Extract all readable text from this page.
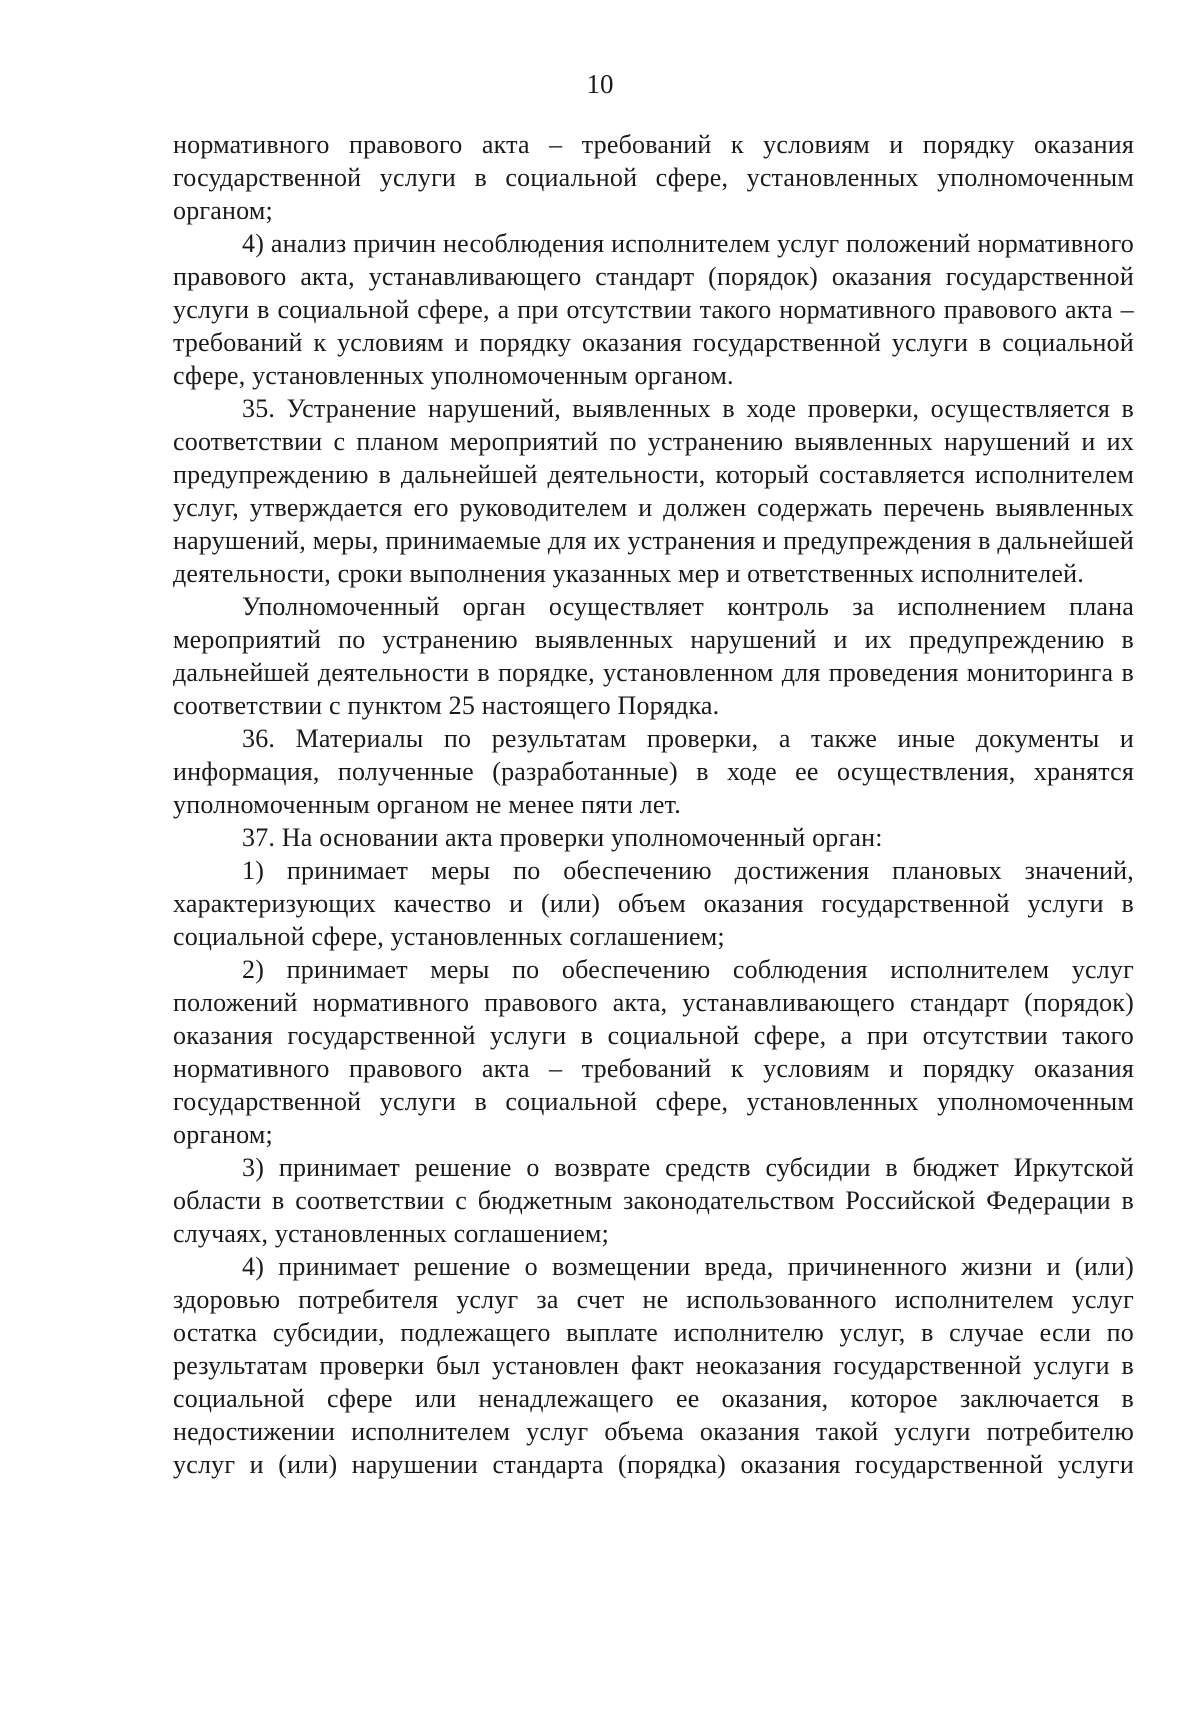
10

нормативного правового акта – требований к условиям и порядку оказания государственной услуги в социальной сфере, установленных уполномоченным органом;

4) анализ причин несоблюдения исполнителем услуг положений нормативного правового акта, устанавливающего стандарт (порядок) оказания государственной услуги в социальной сфере, а при отсутствии такого нормативного правового акта – требований к условиям и порядку оказания государственной услуги в социальной сфере, установленных уполномоченным органом.

35. Устранение нарушений, выявленных в ходе проверки, осуществляется в соответствии с планом мероприятий по устранению выявленных нарушений и их предупреждению в дальнейшей деятельности, который составляется исполнителем услуг, утверждается его руководителем и должен содержать перечень выявленных нарушений, меры, принимаемые для их устранения и предупреждения в дальнейшей деятельности, сроки выполнения указанных мер и ответственных исполнителей.

Уполномоченный орган осуществляет контроль за исполнением плана мероприятий по устранению выявленных нарушений и их предупреждению в дальнейшей деятельности в порядке, установленном для проведения мониторинга в соответствии с пунктом 25 настоящего Порядка.

36. Материалы по результатам проверки, а также иные документы и информация, полученные (разработанные) в ходе ее осуществления, хранятся уполномоченным органом не менее пяти лет.

37. На основании акта проверки уполномоченный орган:

1) принимает меры по обеспечению достижения плановых значений, характеризующих качество и (или) объем оказания государственной услуги в социальной сфере, установленных соглашением;

2) принимает меры по обеспечению соблюдения исполнителем услуг положений нормативного правового акта, устанавливающего стандарт (порядок) оказания государственной услуги в социальной сфере, а при отсутствии такого нормативного правового акта – требований к условиям и порядку оказания государственной услуги в социальной сфере, установленных уполномоченным органом;

3) принимает решение о возврате средств субсидии в бюджет Иркутской области в соответствии с бюджетным законодательством Российской Федерации в случаях, установленных соглашением;

4) принимает решение о возмещении вреда, причиненного жизни и (или) здоровью потребителя услуг за счет не использованного исполнителем услуг остатка субсидии, подлежащего выплате исполнителю услуг, в случае если по результатам проверки был установлен факт неоказания государственной услуги в социальной сфере или ненадлежащего ее оказания, которое заключается в недостижении исполнителем услуг объема оказания такой услуги потребителю услуг и (или) нарушении стандарта (порядка) оказания государственной услуги
